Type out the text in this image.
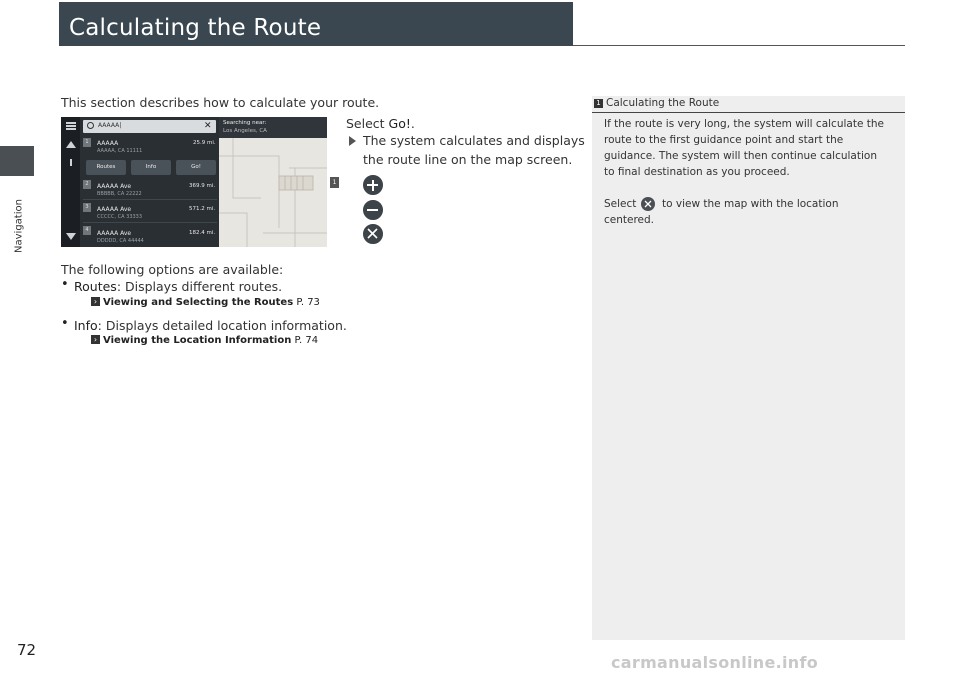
Calculating the Route
Navigation
This section describes how to calculate your route.
AAAAA|	✕
1	AAAAA
AAAAA, CA 11111
25.9 mi.
Routes	Info	Go!
2	AAAAA Ave
BBBBB, CA 22222
369.9 mi.
3	AAAAA Ave
CCCCC, CA 33333
571.2 mi.
4	AAAAA Ave
DDDDD, CA 44444
182.4 mi.
Searching near:
Los Angeles, CA
1
Select Go!.
The system calculates and displays
the route line on the map screen.
The following options are available:
• Routes: Displays different routes.
› Viewing and Selecting the Routes P. 73
• Info: Displays detailed location information.
› Viewing the Location Information P. 74
1 Calculating the Route
If the route is very long, the system will calculate the
route to the first guidance point and start the
guidance. The system will then continue calculation
to final destination as you proceed.
Select to view the map with the location
centered.
72
carmanualsonline.info
